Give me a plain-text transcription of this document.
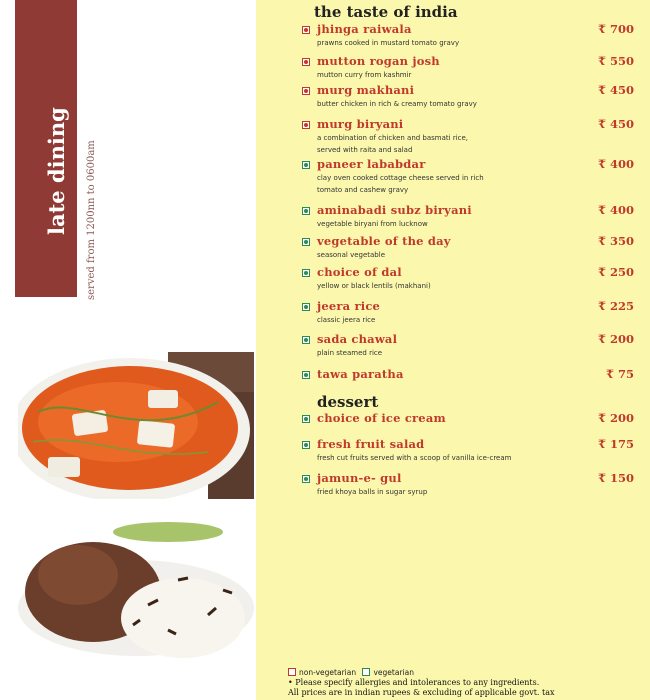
late dining served from 1200nn to 0600am
the taste of india
jhinga raiwala	₹ 700
prawns cooked in mustard tomato gravy
mutton rogan josh	₹ 550
mutton curry from kashmir
murg makhani	₹ 450
butter chicken in rich & creamy tomato gravy
murg biryani	₹ 450
a combination of chicken and basmati rice,
served with raita and salad
paneer lababdar	₹ 400
clay oven cooked cottage cheese served in rich
tomato and cashew gravy
aminabadi subz biryani	₹ 400
vegetable biryani from lucknow
vegetable of the day	₹ 350
seasonal vegetable
choice of dal	₹ 250
yellow or black lentils (makhani)
jeera rice	₹ 225
classic jeera rice
sada chawal	₹ 200
plain steamed rice
tawa paratha	₹ 75
dessert
choice of ice cream	₹ 200
fresh fruit salad	₹ 175
fresh cut fruits served with a scoop of vanilla ice-cream
jamun-e- gul	₹ 150
fried khoya balls in sugar syrup
non-vegetarian vegetarian
• Please specify allergies and intolerances to any ingredients.
All prices are in indian rupees & excluding of applicable govt. tax
